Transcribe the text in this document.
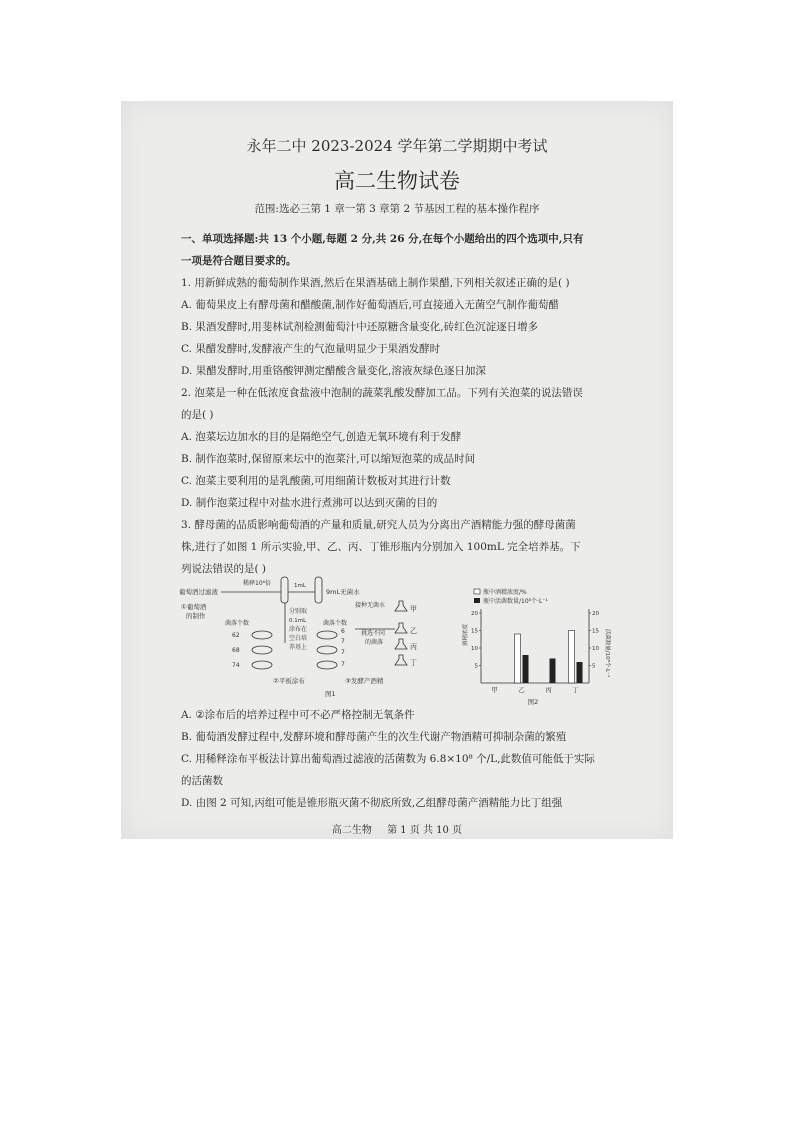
永年二中 2023-2024 学年第二学期期中考试
高二生物试卷
范围:选必三第 1 章一第 3 章第 2 节基因工程的基本操作程序
一、单项选择题:共 13 个小题,每题 2 分,共 26 分,在每个小题给出的四个选项中,只有
一项是符合题目要求的。
1. 用新鲜成熟的葡萄制作果酒,然后在果酒基础上制作果醋,下列相关叙述正确的是( )
A. 葡萄果皮上有酵母菌和醋酸菌,制作好葡萄酒后,可直接通入无菌空气制作葡萄醋
B. 果酒发酵时,用斐林试剂检测葡萄汁中还原糖含量变化,砖红色沉淀逐日增多
C. 果醋发酵时,发酵液产生的气泡量明显少于果酒发酵时
D. 果醋发酵时,用重铬酸钾测定醋酸含量变化,溶液灰绿色逐日加深
2. 泡菜是一种在低浓度食盐液中泡制的蔬菜乳酸发酵加工品。下列有关泡菜的说法错误
的是( )
A. 泡菜坛边加水的目的是隔绝空气,创造无氧环境有利于发酵
B. 制作泡菜时,保留原来坛中的泡菜汁,可以缩短泡菜的成品时间
C. 泡菜主要利用的是乳酸菌,可用细菌计数板对其进行计数
D. 制作泡菜过程中对盐水进行煮沸可以达到灭菌的目的
3. 酵母菌的品质影响葡萄酒的产量和质量,研究人员为分离出产酒精能力强的酵母菌菌
株,进行了如图 1 所示实验,甲、乙、丙、丁锥形瓶内分别加入 100mL 完全培养基。下
列说法错误的是( )
葡萄酒过滤液
稀释10⁶倍	1mL
9mL无菌水
①葡萄酒
的制作
菌落个数
62
68
74
分别取
0.1mL
涂布在
空白培
养基上
菌落个数
6
7
7
7
接种无菌水
挑选不同
的菌落
甲
乙
丙
丁
②平板涂布	③发酵产酒精
图1
瓶中酒精浓度/%
瓶中活菌数量/10⁸个·L⁻¹
酒精浓度	活菌数量/10⁸个·L⁻¹
20
15
10
5
20
15
10
5
甲	乙	丙	丁
图2
A. ②涂布后的培养过程中可不必严格控制无氧条件
B. 葡萄酒发酵过程中,发酵环境和酵母菌产生的次生代谢产物酒精可抑制杂菌的繁殖
C. 用稀释涂布平板法计算出葡萄酒过滤液的活菌数为 6.8×10⁸ 个/L,此数值可能低于实际
的活菌数
D. 由图 2 可知,丙组可能是锥形瓶灭菌不彻底所致,乙组酵母菌产酒精能力比丁组强
高二生物 第 1 页 共 10 页
